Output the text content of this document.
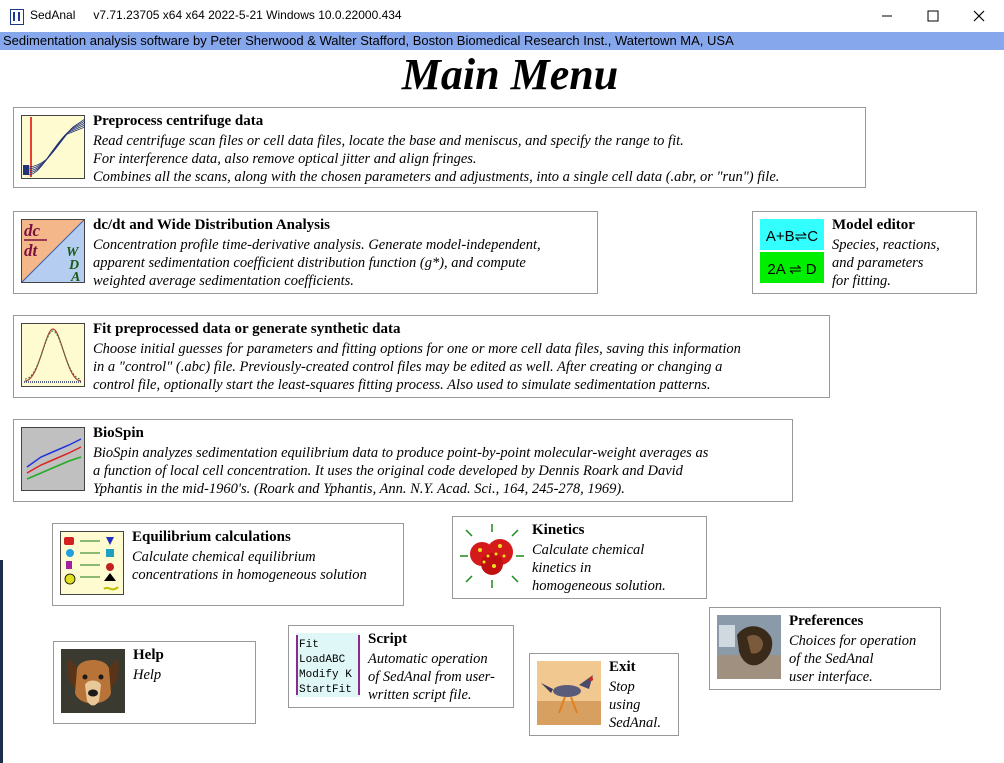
SedAnal v7.71.23705 x64 x64 2022-5-21 Windows 10.0.22000.434
Sedimentation analysis software by Peter Sherwood & Walter Stafford, Boston Biomedical Research Inst., Watertown MA, USA
Main Menu
Preprocess centrifuge data
Read centrifuge scan files or cell data files, locate the base and meniscus, and specify the range to fit.
For interference data, also remove optical jitter and align fringes.
Combines all the scans, along with the chosen parameters and adjustments, into a single cell data (.abr, or "run") file.
dc
dt W
D
A
dc/dt and Wide Distribution Analysis
Concentration profile time-derivative analysis. Generate model-independent,
apparent sedimentation coefficient distribution function (g*), and compute
weighted average sedimentation coefficients.
A+B⇌C
2A ⇌ D
Model editor
Species, reactions,
and parameters
for fitting.
Fit preprocessed data or generate synthetic data
Choose initial guesses for parameters and fitting options for one or more cell data files, saving this information
in a "control" (.abc) file. Previously-created control files may be edited as well. After creating or changing a
control file, optionally start the least-squares fitting process. Also used to simulate sedimentation patterns.
BioSpin
BioSpin analyzes sedimentation equilibrium data to produce point-by-point molecular-weight averages as
a function of local cell concentration. It uses the original code developed by Dennis Roark and David
Yphantis in the mid-1960's. (Roark and Yphantis, Ann. N.Y. Acad. Sci., 164, 245-278, 1969).
Equilibrium calculations
Calculate chemical equilibrium
concentrations in homogeneous solution
Kinetics
Calculate chemical
kinetics in
homogeneous solution.
Preferences
Choices for operation
of the SedAnal
user interface.
Help
Help
Fit
LoadABC
Modify K
StartFit
Script
Automatic operation
of SedAnal from user-
written script file.
Exit
Stop
using
SedAnal.
